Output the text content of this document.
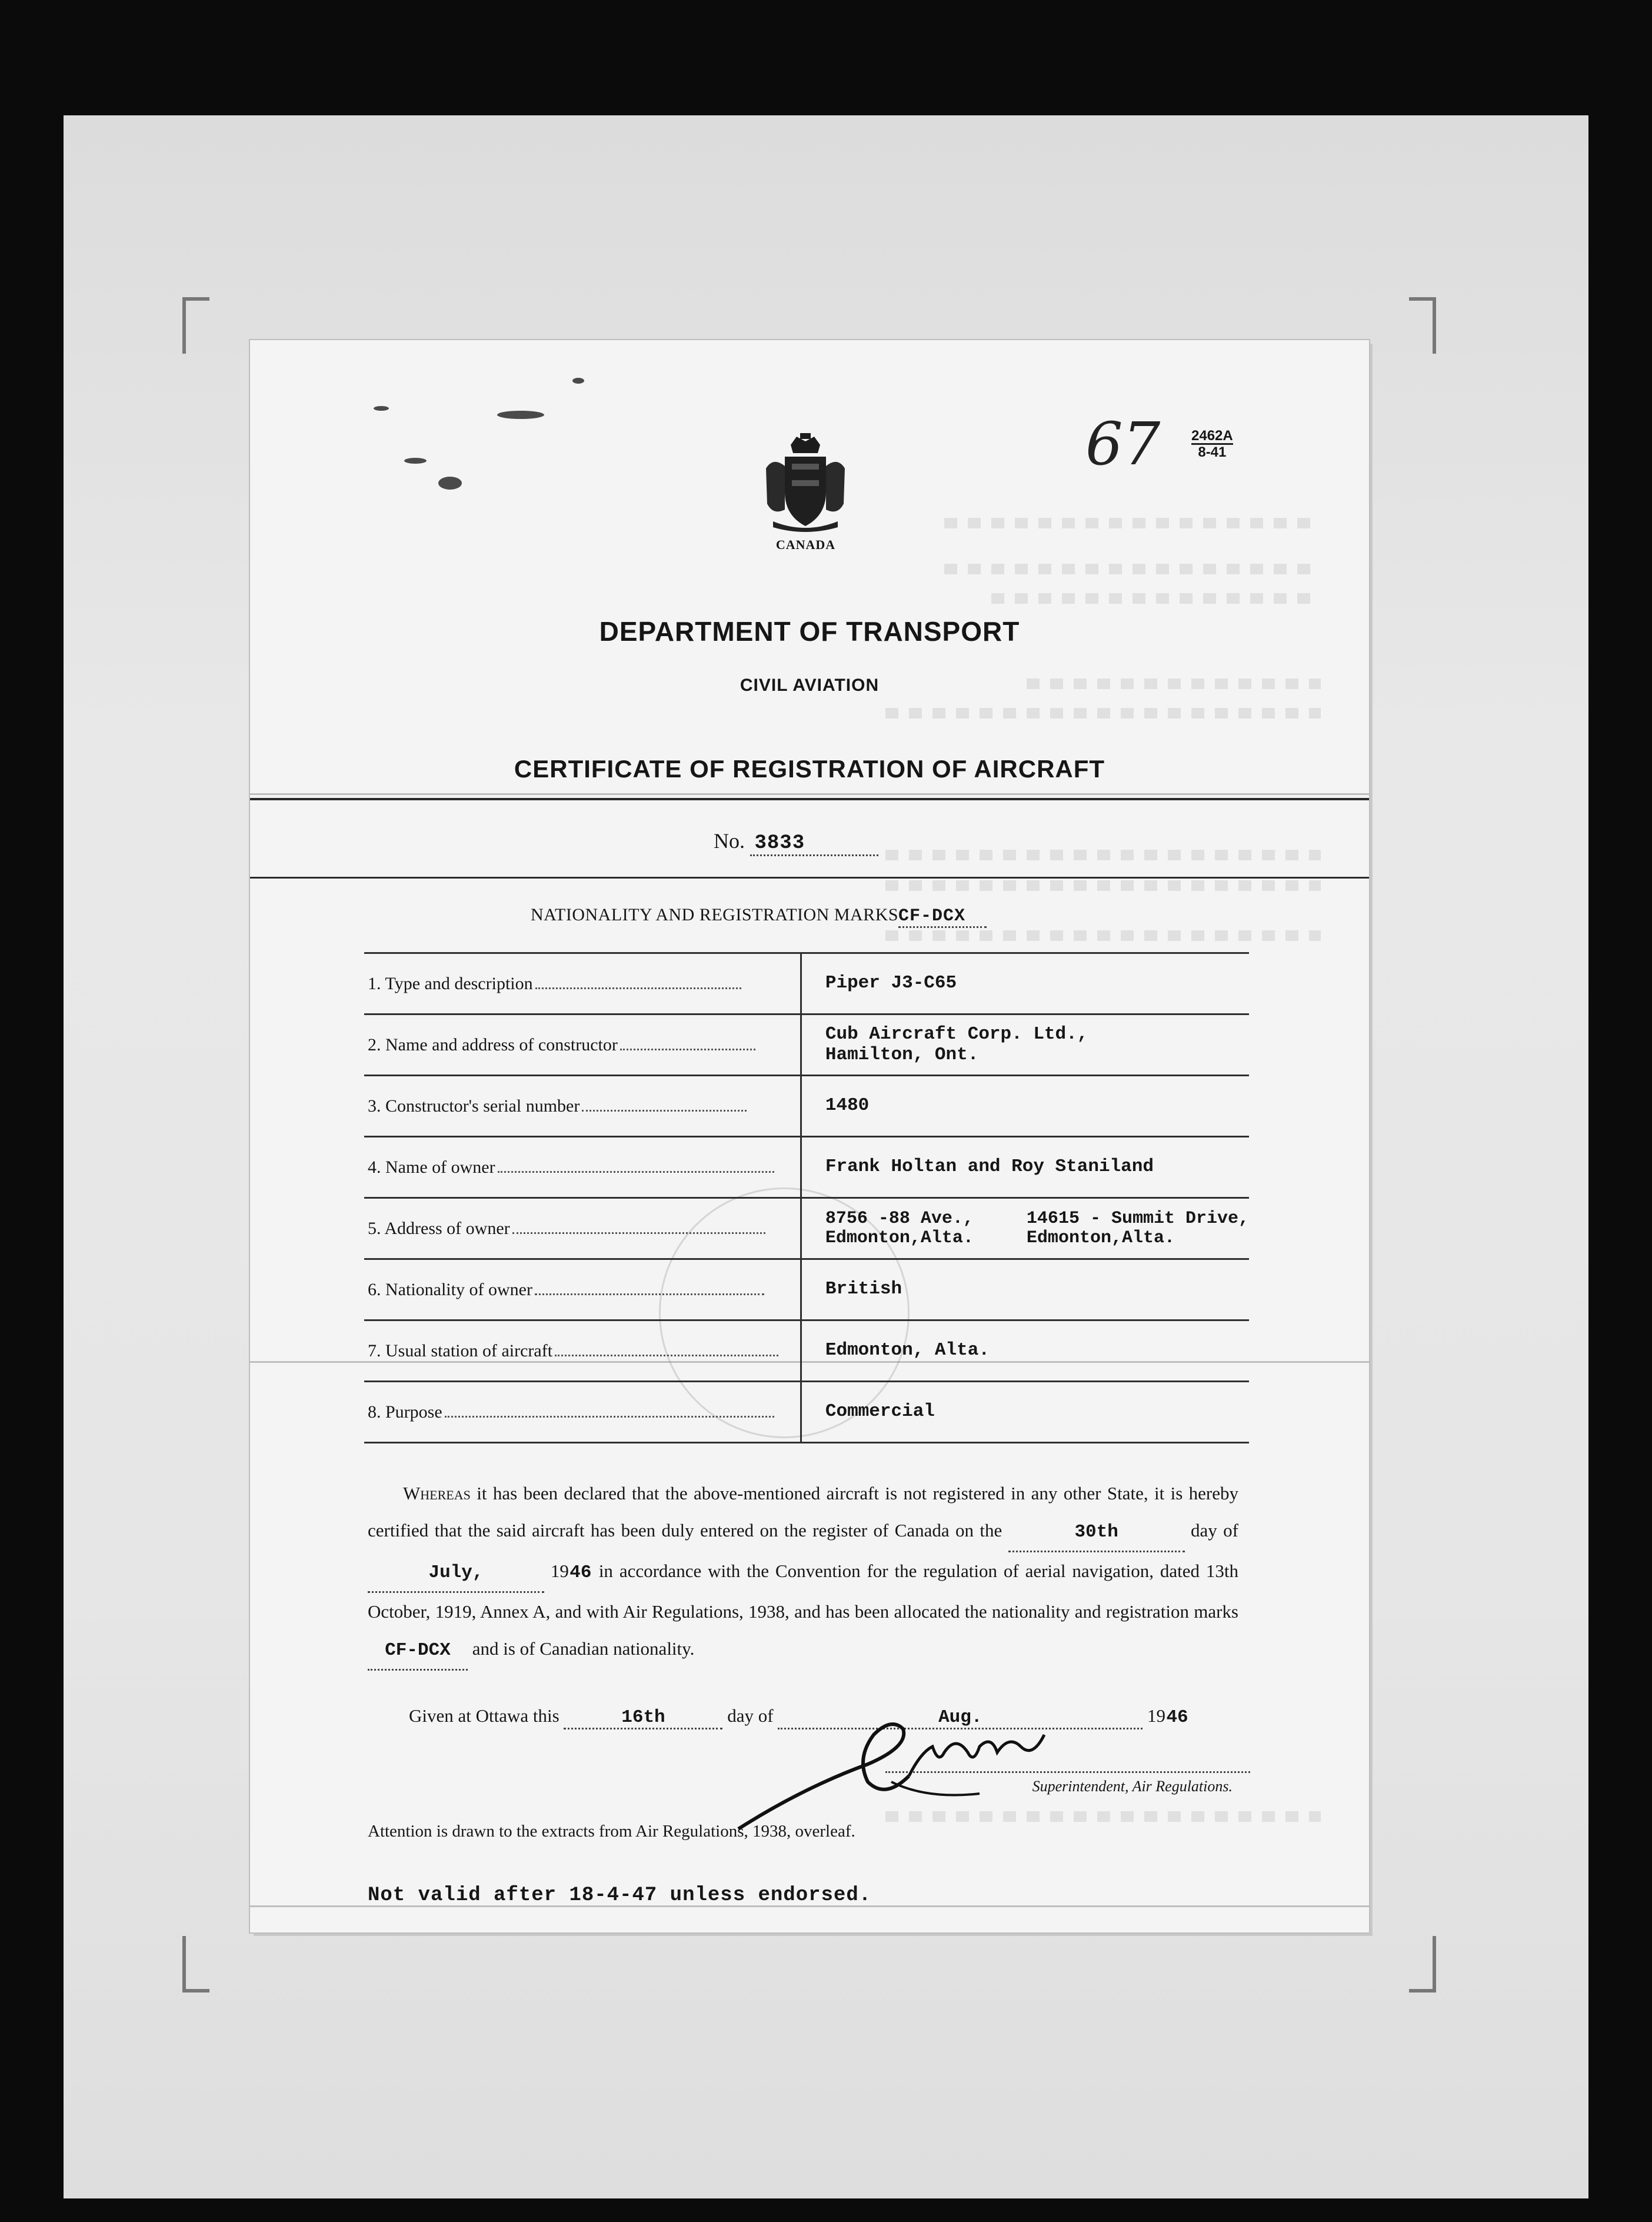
CANADA
67 2462A
8-41
DEPARTMENT OF TRANSPORT
CIVIL AVIATION
CERTIFICATE OF REGISTRATION OF AIRCRAFT
No. 3833
NATIONALITY AND REGISTRATION MARKSCF-DCX
1. Type and description	Piper J3-C65
2. Name and address of constructor	Cub Aircraft Corp. Ltd.,
Hamilton, Ont.
3. Constructor's serial number	1480
4. Name of owner	Frank Holtan and Roy Staniland
5. Address of owner	8756 -88 Ave.,     14615 - Summit Drive,
Edmonton,Alta.     Edmonton,Alta.
6. Nationality of owner	British
7. Usual station of aircraft	Edmonton, Alta.
8. Purpose	Commercial
Whereas it has been declared that the above-mentioned aircraft is not registered in any other State, it is hereby certified that the said aircraft has been duly entered on the register of Canada on the	30th	day of July,	1946 in accordance with the Convention for the regulation of aerial navigation, dated 13th October, 1919, Annex A, and with Air Regulations, 1938, and has been allocated the nationality and registration marks CF-DCX and is of Canadian nationality.
Given at Ottawa this	16th	day of	Aug.	1946
Superintendent, Air Regulations.
Attention is drawn to the extracts from Air Regulations, 1938, overleaf.
Not valid after 18-4-47 unless endorsed.
